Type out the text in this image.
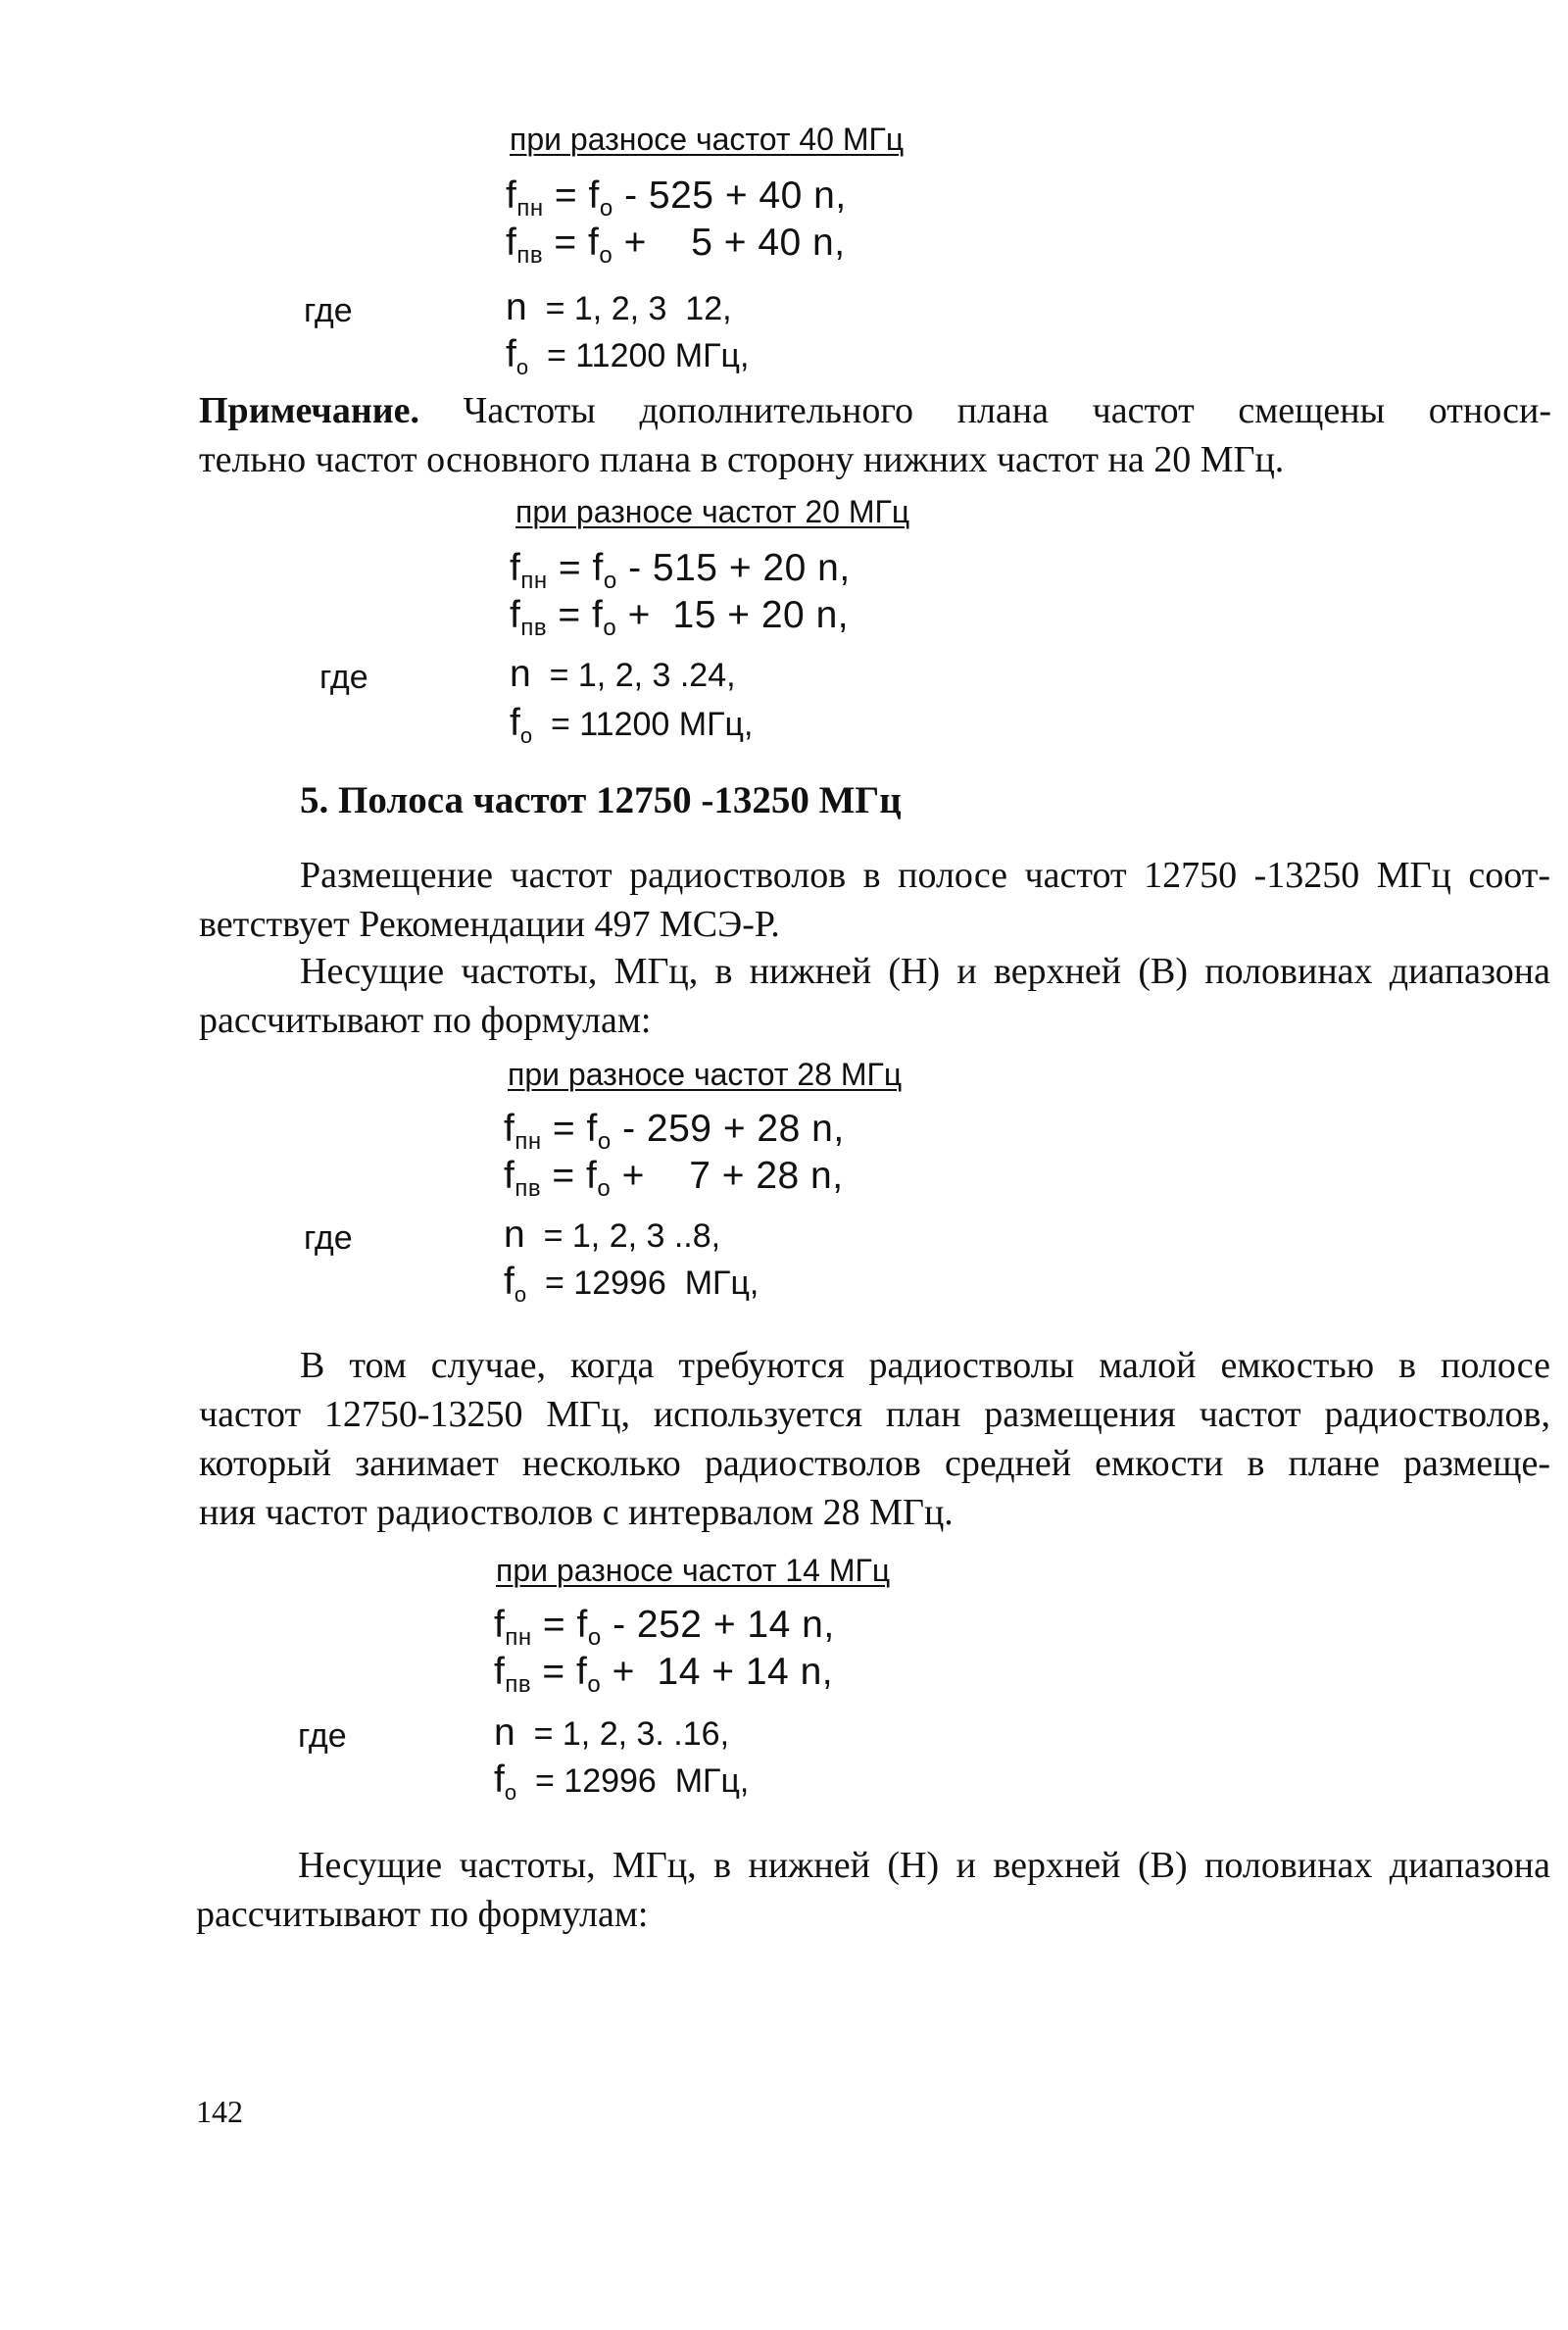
при разносе частот 40 МГц
$f_{пн} = f_о - 525 + 40$ n,
$f_{пв} = f_о$ +    5 + 40 n,
где	n  = 1, 2, 3  12,
$f_о = 11200$ МГц,
Примечание. Частоты дополнительного плана частот смещены относи-
тельно частот основного плана в сторону нижних частот на 20 МГц.
при разносе частот 20 МГц
$f_{пн} = f_о - 515 + 20$ n,
$f_{пв} = f_о + 15 + 20$ n,
где	n  = 1, 2, 3 .24,
$f_о = 11200$ МГц,
5. Полоса частот 12750 -13250 МГц
Размещение частот радиостволов в полосе частот 12750 -13250 МГц соот-
ветствует Рекомендации 497 МСЭ-Р.
Несущие частоты, МГц, в нижней (Н) и верхней (В) половинах диапазона
рассчитывают по формулам:
при разносе частот 28 МГц
$f_{пн} = f_о - 259 + 28$ n,
$f_{пв} = f_о$ +    7 + 28 n,
где	n  = 1, 2, 3 ..8,
$f_о = 12996$  МГц,
В том случае, когда требуются радиостволы малой емкостью в полосе
частот 12750-13250 МГц, используется план размещения частот радиостволов,
который занимает несколько радиостволов средней емкости в плане размеще-
ния частот радиостволов с интервалом 28 МГц.
при разносе частот 14 МГц
$f_{пн} = f_о - 252 + 14$ n,
$f_{пв} = f_о + 14 + 14$ n,
где	n  = 1, 2, 3. .16,
$f_о = 12996$  МГц,
Несущие частоты, МГц, в нижней (Н) и верхней (В) половинах диапазона
рассчитывают по формулам:
142
